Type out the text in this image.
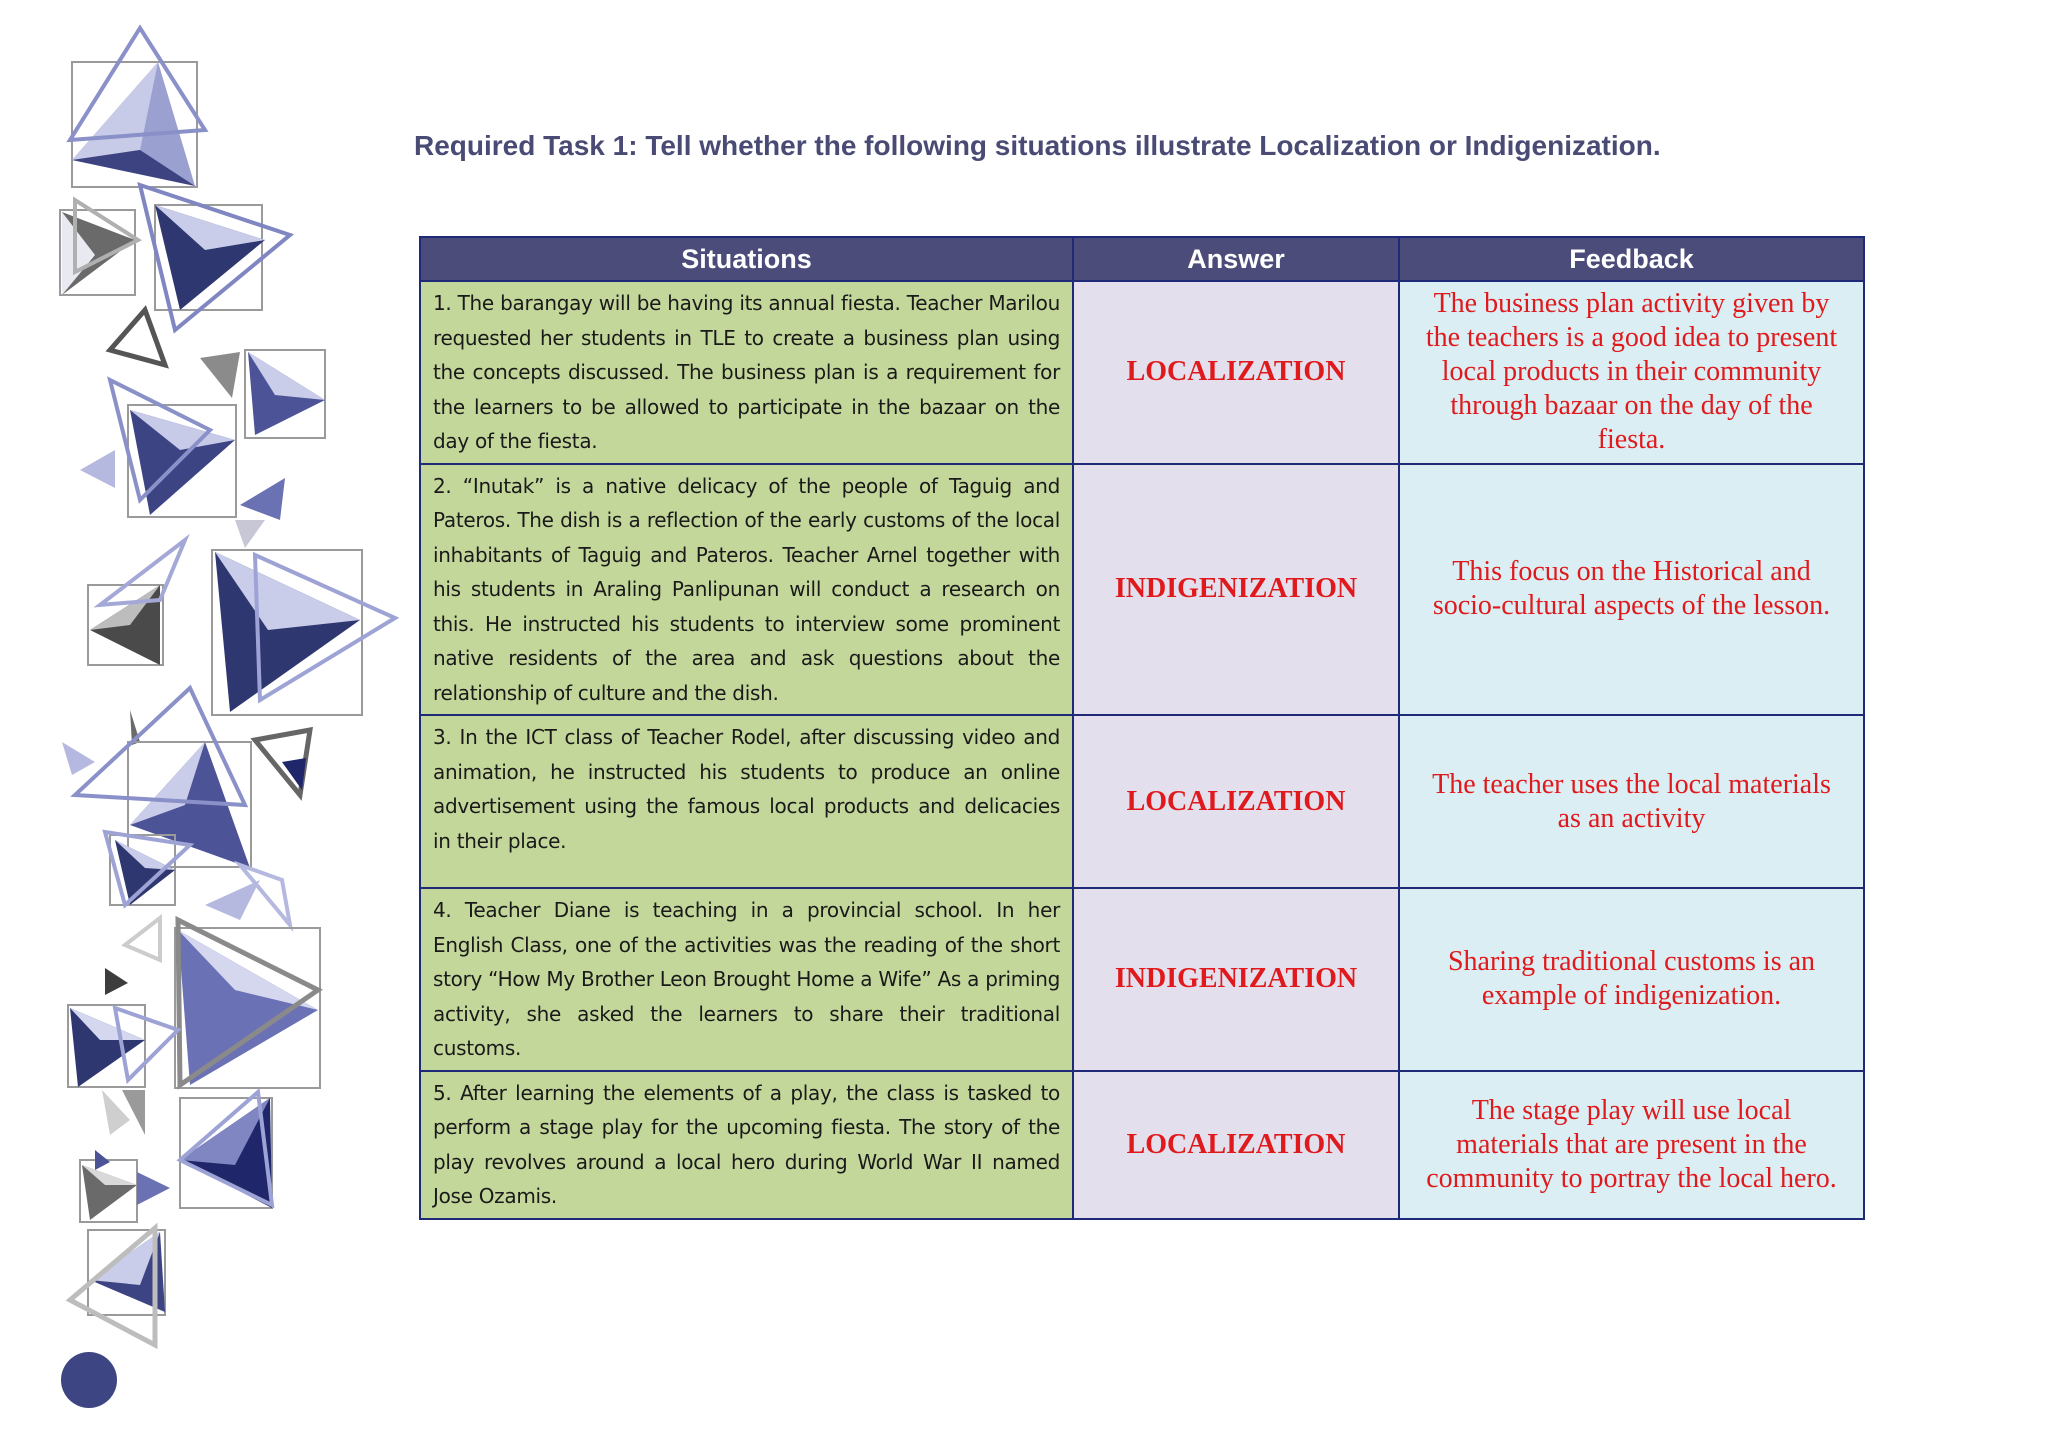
Required Task 1: Tell whether the following situations illustrate Localization or Indigenization.
Situations	Answer	Feedback
1. The barangay will be having its annual fiesta. Teacher Marilou requested her students in TLE to create a business plan using the concepts discussed. The business plan is a requirement for the learners to be allowed to participate in the bazaar on the day of the fiesta.	LOCALIZATION	The business plan activity given by the teachers is a good idea to present local products in their community through bazaar on the day of the fiesta.
2. “Inutak” is a native delicacy of the people of Taguig and Pateros. The dish is a reflection of the early customs of the local inhabitants of Taguig and Pateros. Teacher Arnel together with his students in Araling Panlipunan will conduct a research on this. He instructed his students to interview some prominent native residents of the area and ask questions about the relationship of culture and the dish.	INDIGENIZATION	This focus on the Historical and socio-cultural aspects of the lesson.
3. In the ICT class of Teacher Rodel, after discussing video and animation, he instructed his students to produce an online advertisement using the famous local products and delicacies in their place.	LOCALIZATION	The teacher uses the local materials as an activity
4. Teacher Diane is teaching in a provincial school. In her English Class, one of the activities was the reading of the short story “How My Brother Leon Brought Home a Wife” As a priming activity, she asked the learners to share their traditional customs.	INDIGENIZATION	Sharing traditional customs is an example of indigenization.
5. After learning the elements of a play, the class is tasked to perform a stage play for the upcoming fiesta. The story of the play revolves around a local hero during World War II named Jose Ozamis.	LOCALIZATION	The stage play will use local materials that are present in the community to portray the local hero.
